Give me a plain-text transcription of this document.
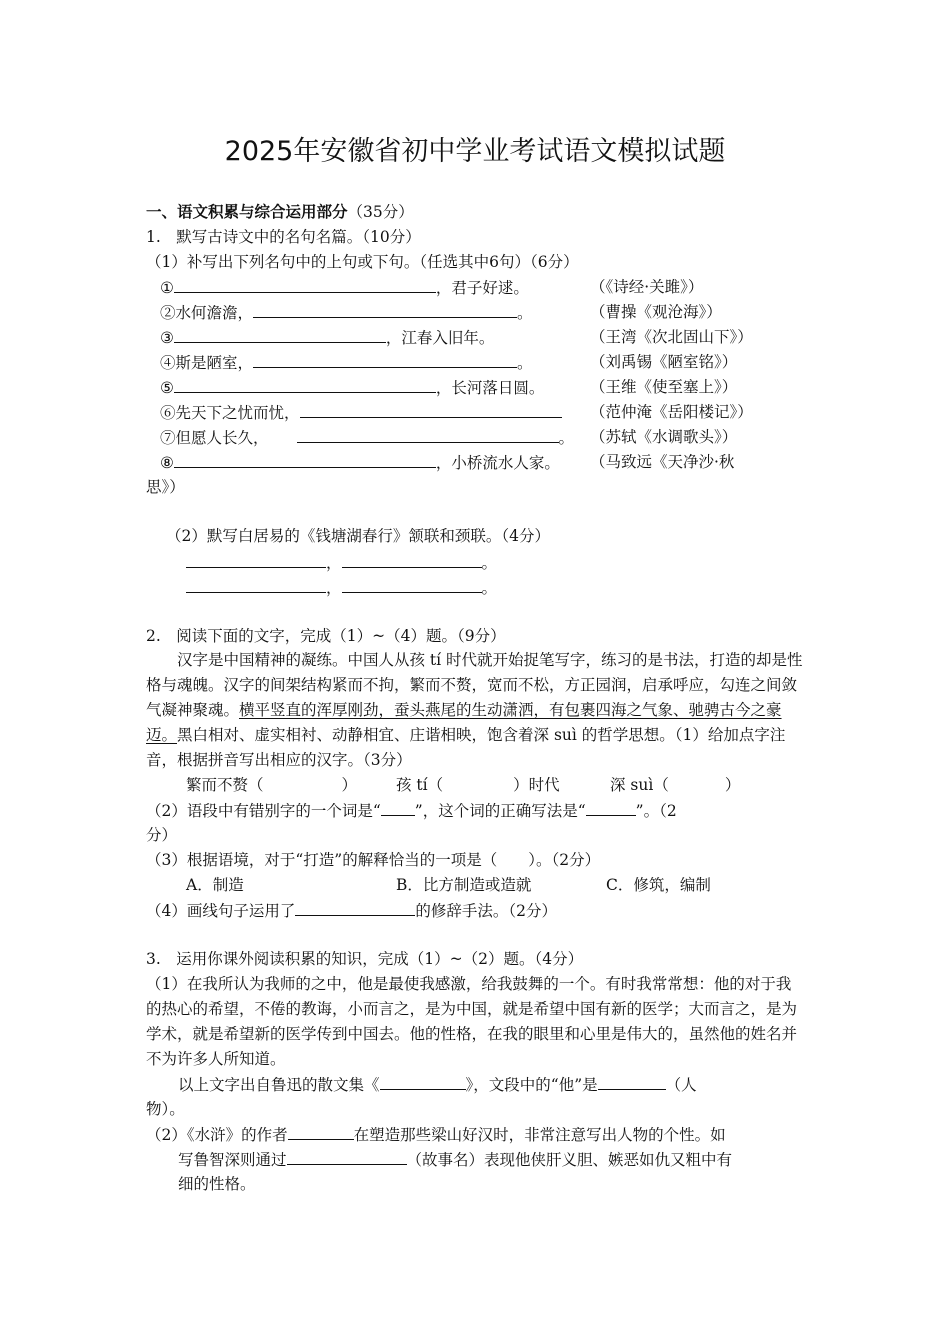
2025年安徽省初中学业考试语文模拟试题
一、语文积累与综合运用部分（35分）
1.　默写古诗文中的名句名篇。（10分）
（1）补写出下列名句中的上句或下句。（任选其中6句）（6分）
①	，君子好逑。	（《诗经·关雎》）
②水何澹澹，	。	（曹操《观沧海》）
③	，江春入旧年。	（王湾《次北固山下》）
④斯是陋室，	。	（刘禹锡《陋室铭》）
⑤	，长河落日圆。	（王维《使至塞上》）
⑥先天下之忧而忧，	（范仲淹《岳阳楼记》）
⑦但愿人长久，	。 （苏轼《水调歌头》）
⑧	，小桥流水人家。 （马致远《天净沙·秋
思》）
（2）默写白居易的《钱塘湖春行》颔联和颈联。（4分）
，	。
，	。
2.　阅读下面的文字，完成（1）~（4）题。（9分）
　　汉字是中国精神的凝练。中国人从孩 tí 时代就开始捉笔写字，练习的是书法，打造的却是性格与魂魄。汉字的间架结构紧而不拘，繁而不赘，宽而不松，方正园润，启承呼应，勾连之间敛气凝神聚魂。横平竖直的浑厚刚劲，蚕头燕尾的生动潇洒，有包裹四海之气象、驰骋古今之豪迈。黑白相对、虚实相衬、动静相宜、庄谐相映，饱含着深 suì 的哲学思想。（1）给加点字注音，根据拼音写出相应的汉字。（3分）
繁而不赘（	）	孩 tí（	）时代	深 suì（	）
（2）语段中有错别字的一个词是“ ”，这个词的正确写法是“	”。（2
分）
（3）根据语境，对于“打造”的解释恰当的一项是（　　）。（2分）
A．制造	B．比方制造或造就	C．修筑，编制
（4）画线句子运用了	的修辞手法。（2分）
3.　运用你课外阅读积累的知识，完成（1）~（2）题。（4分）
（1）在我所认为我师的之中，他是最使我感激，给我鼓舞的一个。有时我常常想：他的对于我的热心的希望，不倦的教诲，小而言之，是为中国，就是希望中国有新的医学；大而言之，是为学术，就是希望新的医学传到中国去。他的性格，在我的眼里和心里是伟大的，虽然他的姓名并不为许多人所知道。
以上文字出自鲁迅的散文集《	》，文段中的“他”是	（人
物）。
（2）《水浒》的作者	在塑造那些梁山好汉时，非常注意写出人物的个性。如
写鲁智深则通过	（故事名）表现他侠肝义胆、嫉恶如仇又粗中有
细的性格。
